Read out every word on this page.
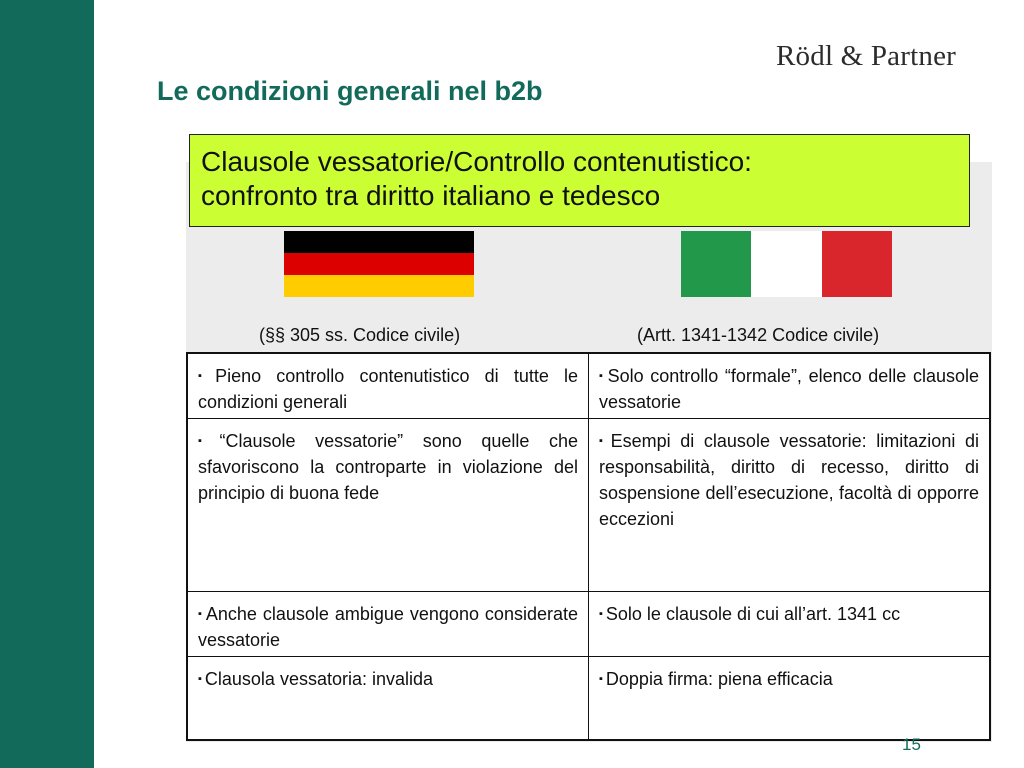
Rödl & Partner
Le condizioni generali nel b2b
Clausole vessatorie/Controllo contenutistico:
confronto tra diritto italiano e tedesco
(§§ 305 ss. Codice civile)	(Artt. 1341-1342 Codice civile)
▪ Pieno controllo contenutistico di tutte le condizioni generali
▪ Solo controllo “formale”, elenco delle clausole vessatorie
▪ “Clausole vessatorie” sono quelle che sfavoriscono la controparte in violazione del principio di buona fede
▪ Esempi di clausole vessatorie: limitazioni di responsabilità, diritto di recesso, diritto di sospensione dell’esecuzione, facoltà di opporre eccezioni
▪ Anche clausole ambigue vengono considerate vessatorie
▪ Solo le clausole di cui all’art. 1341 cc
▪ Clausola vessatoria: invalida	▪ Doppia firma: piena efficacia
15
